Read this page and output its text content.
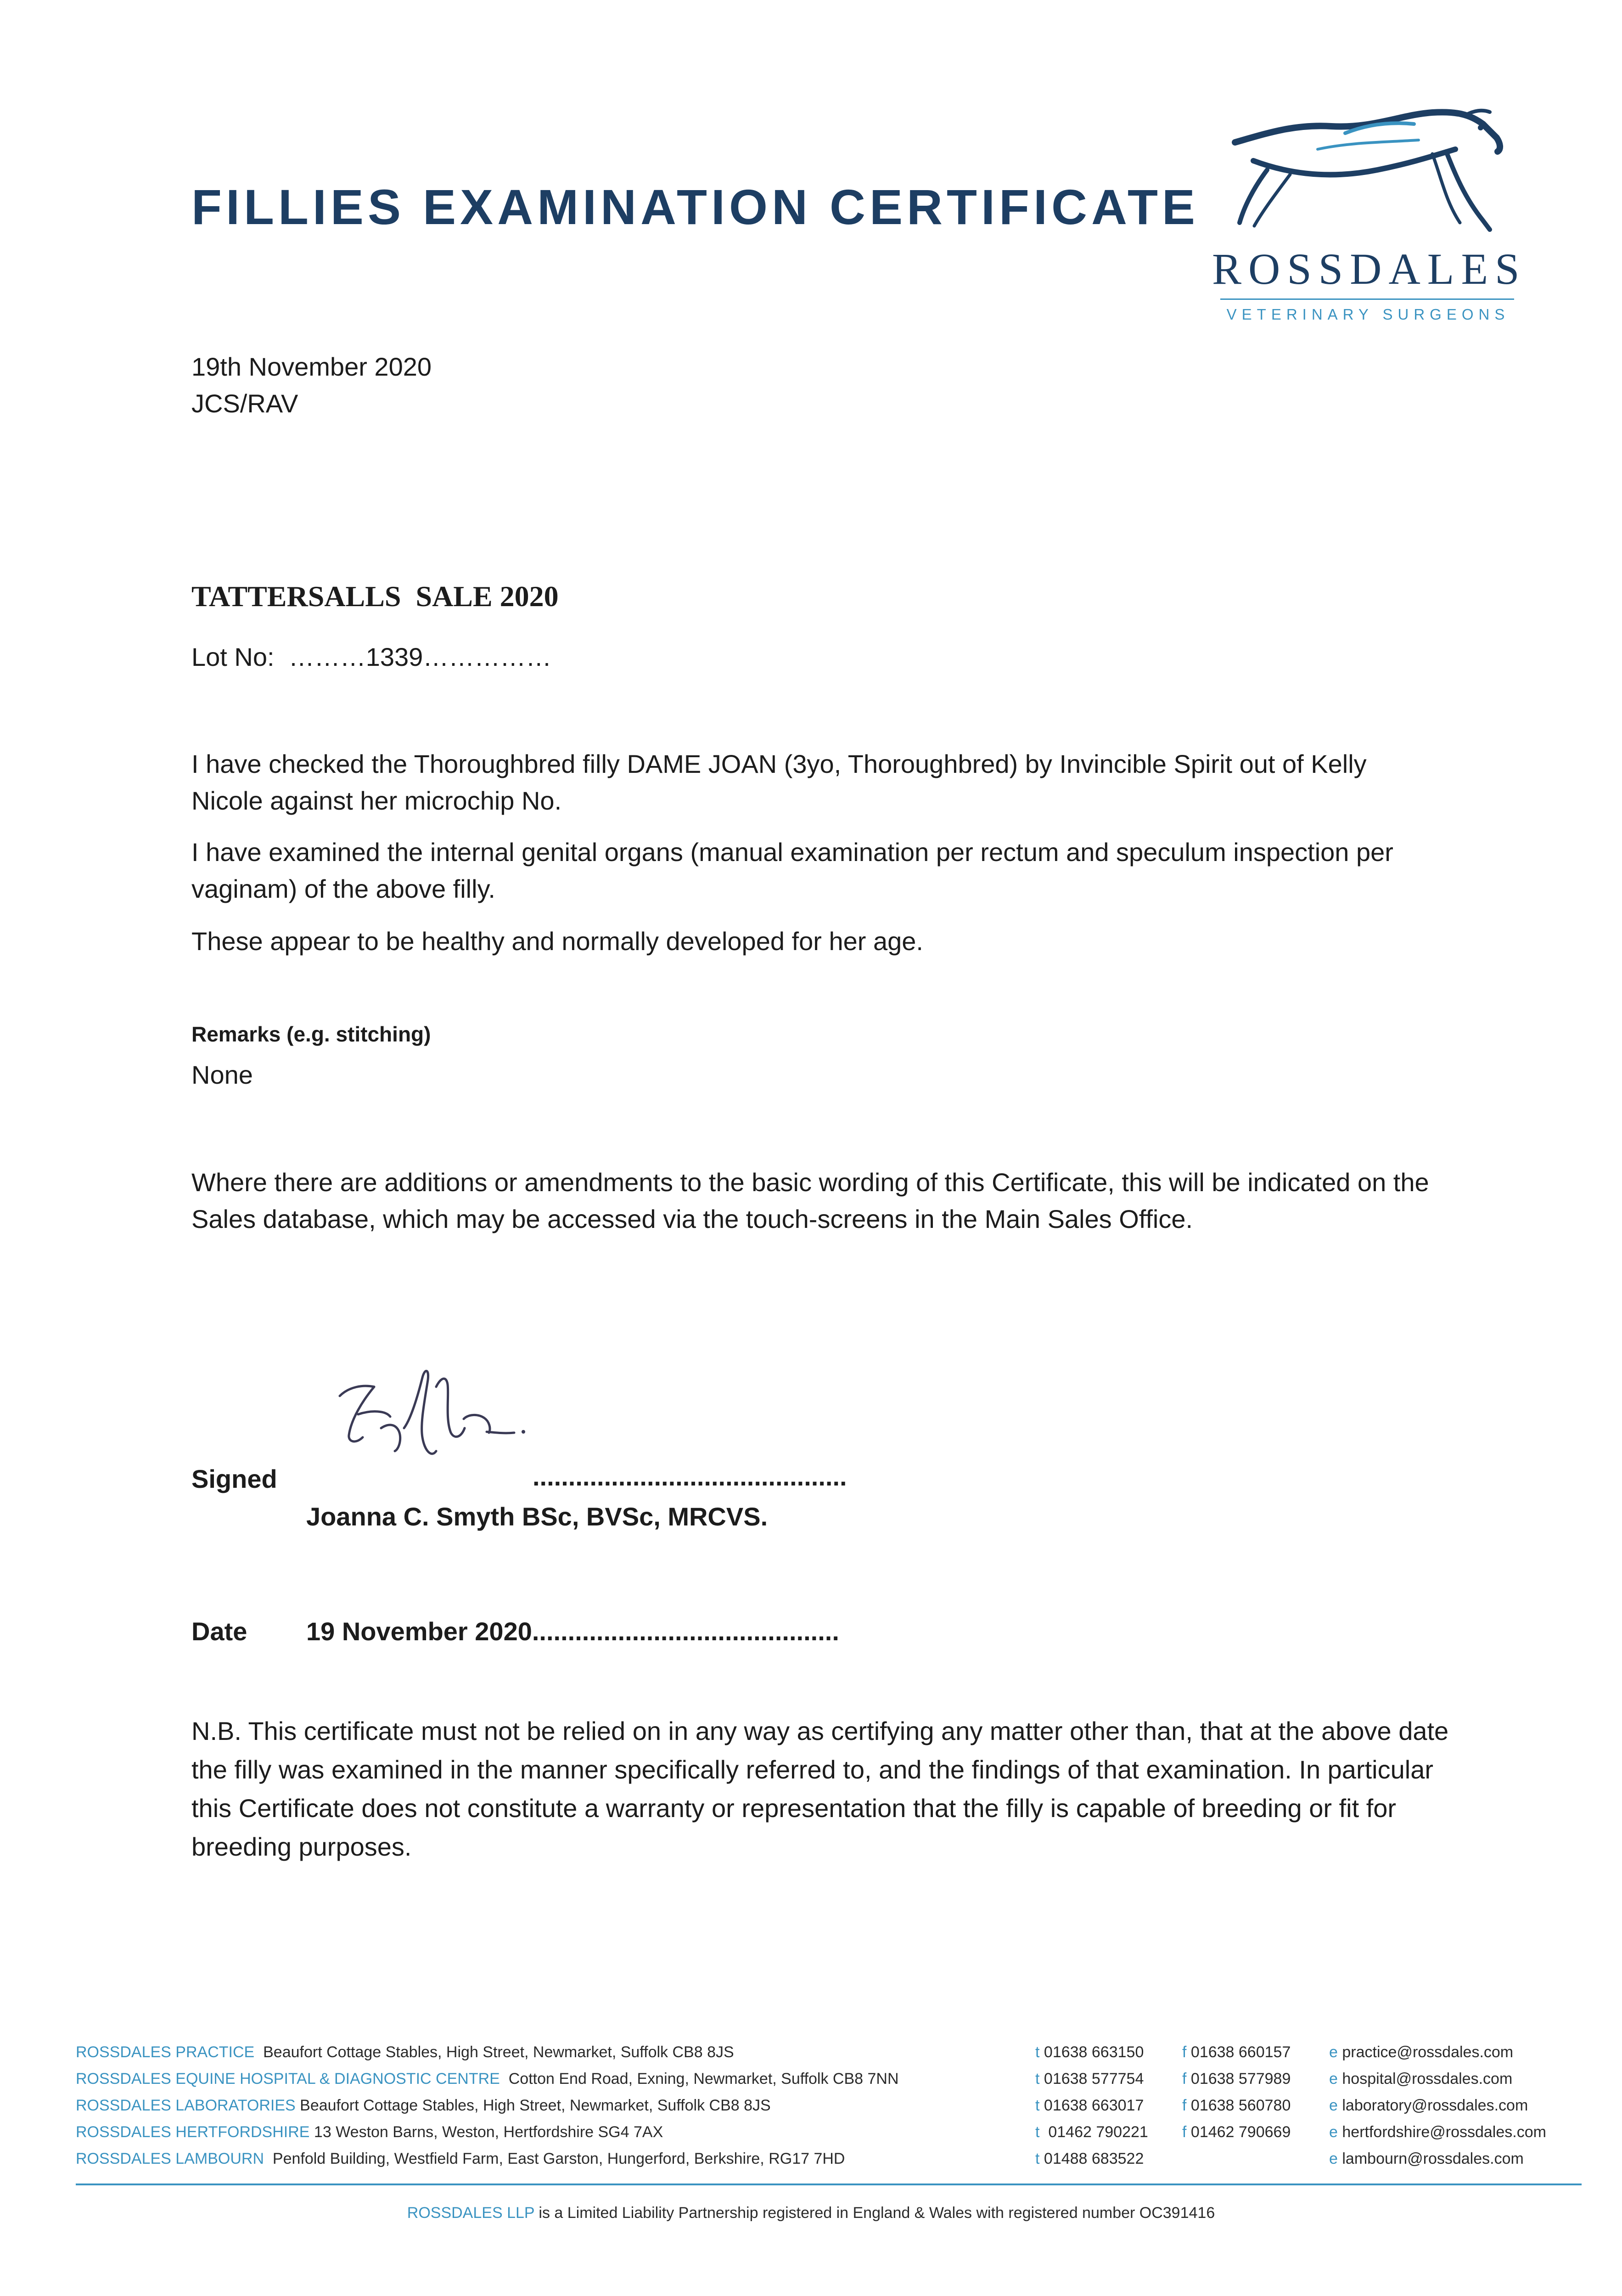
FILLIES EXAMINATION CERTIFICATE
ROSSDALES
VETERINARY SURGEONS
19th November 2020
JCS/RAV
TATTERSALLS  SALE 2020
Lot No: ………1339……………
I have checked the Thoroughbred filly DAME JOAN (3yo, Thoroughbred) by Invincible Spirit out of Kelly Nicole against her microchip No.
I have examined the internal genital organs (manual examination per rectum and speculum inspection per vaginam) of the above filly.
These appear to be healthy and normally developed for her age.
Remarks (e.g. stitching)
None
Where there are additions or amendments to the basic wording of this Certificate, this will be indicated on the Sales database, which may be accessed via the touch-screens in the Main Sales Office.
Signed	............................................
Joanna C. Smyth BSc, BVSc, MRCVS.
Date 19 November 2020...........................................
N.B. This certificate must not be relied on in any way as certifying any matter other than, that at the above date the filly was examined in the manner specifically referred to, and the findings of that examination. In particular this Certificate does not constitute a warranty or representation that the filly is capable of breeding or fit for breeding purposes.
ROSSDALES PRACTICE Beaufort Cottage Stables, High Street, Newmarket, Suffolk CB8 8JS	t 01638 663150 f 01638 660157 e practice@rossdales.com
ROSSDALES EQUINE HOSPITAL & DIAGNOSTIC CENTRE Cotton End Road, Exning, Newmarket, Suffolk CB8 7NN	t 01638 577754 f 01638 577989 e hospital@rossdales.com
ROSSDALES LABORATORIES Beaufort Cottage Stables, High Street, Newmarket, Suffolk CB8 8JS	t 01638 663017 f 01638 560780 e laboratory@rossdales.com
ROSSDALES HERTFORDSHIRE 13 Weston Barns, Weston, Hertfordshire SG4 7AX	t  01462 790221 f 01462 790669 e hertfordshire@rossdales.com
ROSSDALES LAMBOURN Penfold Building, Westfield Farm, East Garston, Hungerford, Berkshire, RG17 7HD	t 01488 683522	e lambourn@rossdales.com
ROSSDALES LLP is a Limited Liability Partnership registered in England & Wales with registered number OC391416
